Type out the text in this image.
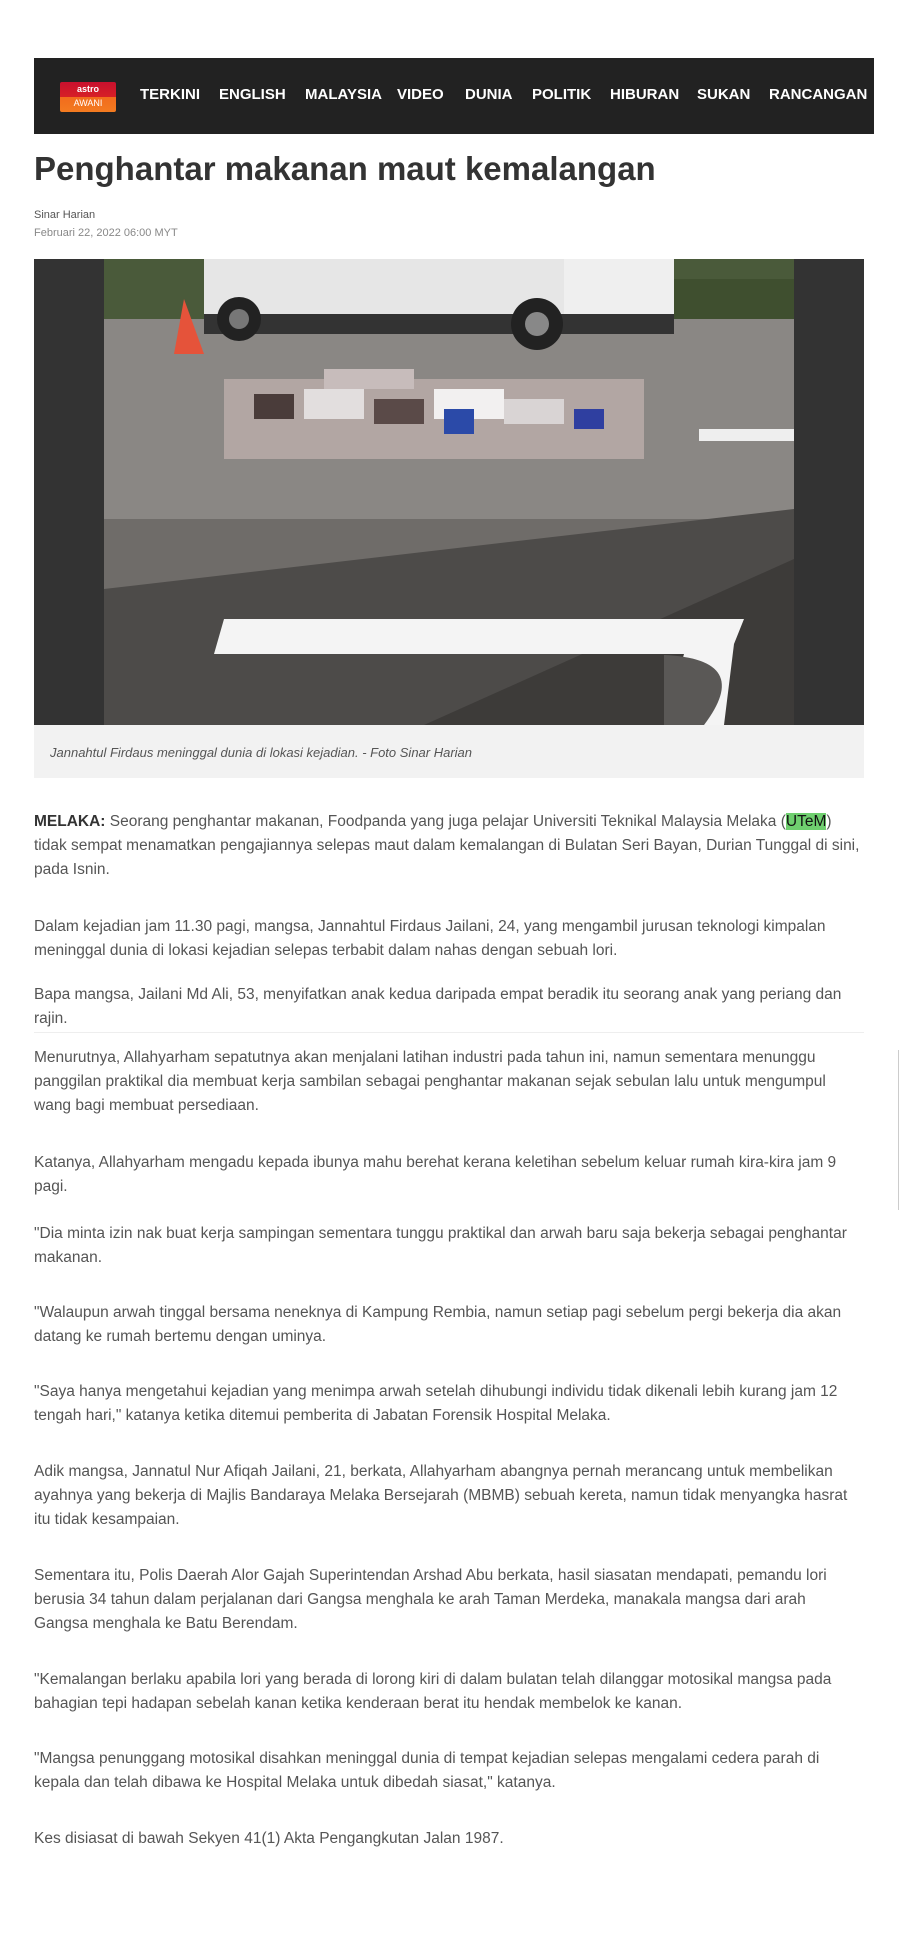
astro
AWANI	TERKINI ENGLISH MALAYSIA VIDEO DUNIA POLITIK HIBURAN SUKAN RANCANGAN
Penghantar makanan maut kemalangan
Sinar Harian
Februari 22, 2022 06:00 MYT
Jannahtul Firdaus meninggal dunia di lokasi kejadian. - Foto Sinar Harian

MELAKA: Seorang penghantar makanan, Foodpanda yang juga pelajar Universiti Teknikal Malaysia Melaka (UTeM) tidak sempat menamatkan pengajiannya selepas maut dalam kemalangan di Bulatan Seri Bayan, Durian Tunggal di sini, pada Isnin.

Dalam kejadian jam 11.30 pagi, mangsa, Jannahtul Firdaus Jailani, 24, yang mengambil jurusan teknologi kimpalan meninggal dunia di lokasi kejadian selepas terbabit dalam nahas dengan sebuah lori.

Bapa mangsa, Jailani Md Ali, 53, menyifatkan anak kedua daripada empat beradik itu seorang anak yang periang dan rajin.

Menurutnya, Allahyarham sepatutnya akan menjalani latihan industri pada tahun ini, namun sementara menunggu panggilan praktikal dia membuat kerja sambilan sebagai penghantar makanan sejak sebulan lalu untuk mengumpul wang bagi membuat persediaan.

Katanya, Allahyarham mengadu kepada ibunya mahu berehat kerana keletihan sebelum keluar rumah kira-kira jam 9 pagi.

"Dia minta izin nak buat kerja sampingan sementara tunggu praktikal dan arwah baru saja bekerja sebagai penghantar makanan.

"Walaupun arwah tinggal bersama neneknya di Kampung Rembia, namun setiap pagi sebelum pergi bekerja dia akan datang ke rumah bertemu dengan uminya.

"Saya hanya mengetahui kejadian yang menimpa arwah setelah dihubungi individu tidak dikenali lebih kurang jam 12 tengah hari," katanya ketika ditemui pemberita di Jabatan Forensik Hospital Melaka.

Adik mangsa, Jannatul Nur Afiqah Jailani, 21, berkata, Allahyarham abangnya pernah merancang untuk membelikan ayahnya yang bekerja di Majlis Bandaraya Melaka Bersejarah (MBMB) sebuah kereta, namun tidak menyangka hasrat itu tidak kesampaian.

Sementara itu, Polis Daerah Alor Gajah Superintendan Arshad Abu berkata, hasil siasatan mendapati, pemandu lori berusia 34 tahun dalam perjalanan dari Gangsa menghala ke arah Taman Merdeka, manakala mangsa dari arah Gangsa menghala ke Batu Berendam.

"Kemalangan berlaku apabila lori yang berada di lorong kiri di dalam bulatan telah dilanggar motosikal mangsa pada bahagian tepi hadapan sebelah kanan ketika kenderaan berat itu hendak membelok ke kanan.

"Mangsa penunggang motosikal disahkan meninggal dunia di tempat kejadian selepas mengalami cedera parah di kepala dan telah dibawa ke Hospital Melaka untuk dibedah siasat," katanya.

Kes disiasat di bawah Sekyen 41(1) Akta Pengangkutan Jalan 1987.
